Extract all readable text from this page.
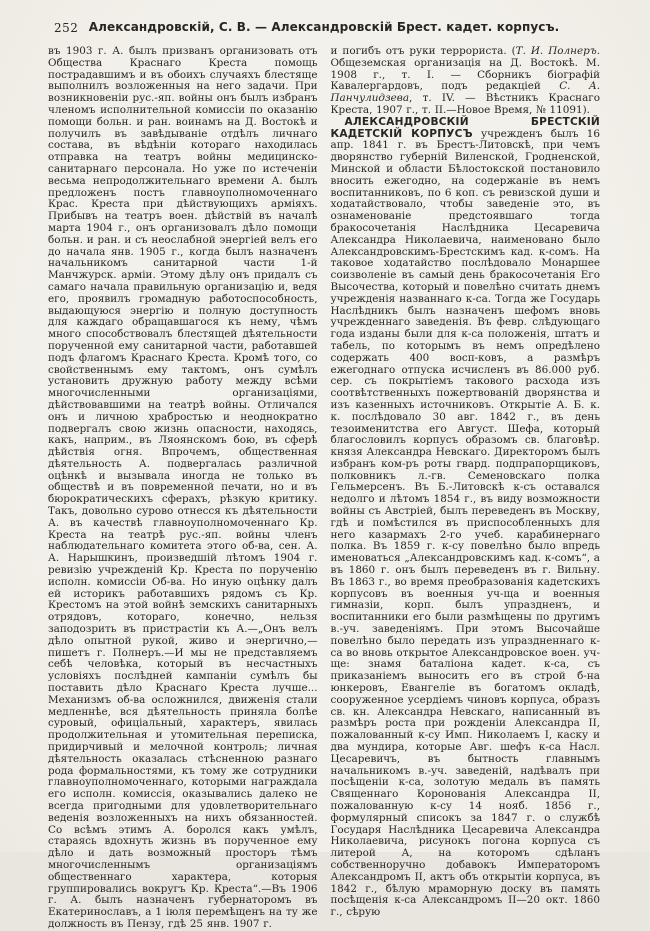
252 Александровскій, С. В. — Александровскій Брест. кадет. корпусъ.

въ 1903 г. А. былъ призванъ организовать отъ Общества Краснаго Креста помощь пострадавшимъ и въ обоихъ случаяхъ блестяще выполнилъ возложенныя на него задачи. При возникновеніи рус.-яп. войны онъ былъ избранъ членомъ исполнительной комиссіи по оказанію помощи больн. и ран. воинамъ на Д. Востокѣ и получилъ въ завѣдываніе отдѣлъ личнаго состава, въ вѣдѣніи котораго находилась отправка на театръ войны медицинско-санитарнаго персонала. Но уже по истеченіи весьма непродолжительнаго времени А. былъ предложенъ постъ главноуполномоченнаго Крас. Креста при дѣйствующихъ арміяхъ. Прибывъ на театръ воен. дѣйствій въ началѣ марта 1904 г., онъ организовалъ дѣло помощи больн. и ран. и съ неослабной энергіей велъ его до начала янв. 1905 г., когда былъ назначенъ начальникомъ санитарной части 1-й Манчжурск. арміи. Этому дѣлу онъ придалъ съ самаго начала правильную организацію и, ведя его, проявилъ громадную работоспособность, выдающуюся энергію и полную доступность для каждаго обращавшагося къ нему, чѣмъ много способствовалъ блестящей дѣятельности порученной ему санитарной части, работавшей подъ флагомъ Краснаго Креста. Кромѣ того, со свойственнымъ ему тактомъ, онъ сумѣлъ установить дружную работу между всѣми многочисленными организаціями, дѣйствовавшими на театрѣ войны. Отличался онъ и личною храбростью и неоднократно подвергалъ свою жизнь опасности, находясь, какъ, наприм., въ Ляоянскомъ бою, въ сферѣ дѣйствія огня. Впрочемъ, общественная дѣятельность А. подвергалась различной оцѣнкѣ и вызывала иногда не только въ обществѣ и въ повременной печати, но и въ бюрократическихъ сферахъ, рѣзкую критику. Такъ, довольно сурово отнесся къ дѣятельности А. въ качествѣ главноуполномоченнаго Кр. Креста на театрѣ рус.-яп. войны членъ наблюдательнаго комитета этого об-ва, сен. А. А. Нарышкинъ, произведшій лѣтомъ 1904 г. ревизію учрежденій Кр. Креста по порученію исполн. комиссіи Об-ва. Но иную оцѣнку далъ ей историкъ работавшихъ рядомъ съ Кр. Крестомъ на этой войнѣ земскихъ санитарныхъ отрядовъ, котораго, конечно, нельзя заподозрить въ пристрастіи къ А.—„Онъ велъ дѣло опытной рукой, живо и энергично,—пишетъ г. Полнеръ.—И мы не представляемъ себѣ человѣка, который въ несчастныхъ условіяхъ послѣдней кампаніи сумѣлъ бы поставить дѣло Краснаго Креста лучше... Механизмъ об-ва осложнился, движенія стали медленнѣе, вся дѣятельность приняла болѣе суровый, офиціальный, характеръ, явилась продолжительная и утомительная переписка, придирчивый и мелочной контроль; личная дѣятельность оказалась стѣсненною разнаго рода формальностями, къ тому же сотрудники главноуполномоченнаго, которыми награждала его исполн. комиссія, оказывались далеко не всегда пригодными для удовлетворительнаго веденія возложенныхъ на нихъ обязанностей. Со всѣмъ этимъ А. боролся какъ умѣлъ, стараясь вдохнуть жизнь въ порученное ему дѣло и дать возможный просторъ тѣмъ многочисленнымъ организаціямъ общественнаго характера, которыя группировались вокругъ Кр. Креста“.—Въ 1906 г. А. былъ назначенъ губернаторомъ въ Екатеринославъ, а 1 іюля перемѣщенъ на ту же должность въ Пензу, гдѣ 25 янв. 1907 г.

и погибъ отъ руки террориста. (Т. И. Полнеръ. Общеземская организація на Д. Востокѣ. М. 1908 г., т. I. — Сборникъ біографій Кавалергардовъ, подъ редакціей С. А. Панчулидзева, т. IV. — Вѣстникъ Краснаго Креста, 1907 г., т. II.—Новое Время, № 11091).

АЛЕКСАНДРОВСКІЙ БРЕСТСКІЙ КАДЕТСКІЙ КОРПУСЪ учрежденъ былъ 16 апр. 1841 г. въ Брестъ-Литовскѣ, при чемъ дворянство губерній Виленской, Гродненской, Минской и области Бѣлостокской постановило вносить ежегодно, на содержаніе въ немъ воспитанниковъ, по 6 коп. съ ревизской души и ходатайствовало, чтобы заведеніе это, въ ознаменованіе предстоявшаго тогда бракосочетанія Наслѣдника Цесаревича Александра Николаевича, наименовано было Александровскимъ-Брестскимъ кад. к-сомъ. На таковое ходатайство послѣдовало Монаршее соизволеніе въ самый день бракосочетанія Его Высочества, который и повелѣно считать днемъ учрежденія названнаго к-са. Тогда же Государь Наслѣдникъ былъ назначенъ шефомъ вновь учрежденнаго заведенія. Въ февр. слѣдующаго года изданы были для к-са положенія, штатъ и табель, по которымъ въ немъ опредѣлено содержать 400 восп-ковъ, а размѣръ ежегоднаго отпуска исчисленъ въ 86.000 руб. сер. съ покрытіемъ такового расхода изъ соотвѣтственныхъ пожертвованій дворянства и изъ казенныхъ источниковъ. Открытіе А. Б. к. к. послѣдовало 30 авг. 1842 г., въ день тезоименитства его Август. Шефа, который благословилъ корпусъ образомъ св. благовѣр. князя Александра Невскаго. Директоромъ былъ избранъ ком-ръ роты гвард. подпрапорщиковъ, полковникъ л.-гв. Семеновскаго полка Гельмерсенъ. Въ Б.-Литовскѣ к-съ оставался недолго и лѣтомъ 1854 г., въ виду возможности войны съ Австріей, былъ переведенъ въ Москву, гдѣ и помѣстился въ приспособленныхъ для него казармахъ 2-го учеб. карабинернаго полка. Въ 1859 г. к-су повелѣно было впредь именоваться „Александровскимъ кад. к-сомъ“, а въ 1860 г. онъ былъ переведенъ въ г. Вильну. Въ 1863 г., во время преобразованія кадетскихъ корпусовъ въ военныя уч-ща и военныя гимназіи, корп. былъ упраздненъ, и воспитанники его были размѣщены по другимъ в.-уч. заведеніямъ. При этомъ Высочайше повелѣно было передать изъ упраздненнаго к-са во вновь открытое Александровское воен. уч-ще: знамя баталіона кадет. к-са, съ приказаніемъ выносить его въ строй б-на юнкеровъ, Евангеліе въ богатомъ окладѣ, сооруженное усердіемъ чиновъ корпуса, образъ св. кн. Александра Невскаго, написанный въ размѣръ роста при рожденіи Александра II, пожалованный к-су Имп. Николаемъ I, каску и два мундира, которые Авг. шефъ к-са Насл. Цесаревичъ, въ бытность главнымъ начальникомъ в.-уч. заведеній, надѣвалъ при посѣщеніи к-са, золотую медаль въ память Священнаго Коронованія Александра II, пожалованную к-су 14 нояб. 1856 г., формулярный списокъ за 1847 г. о службѣ Государя Наслѣдника Цесаревича Александра Николаевича, рисунокъ погона корпуса съ литерой А, на которомъ сдѣланъ собственноручно добавокъ Императоромъ Александромъ II, актъ объ открытіи корпуса, въ 1842 г., бѣлую мраморную доску въ память посѣщенія к-са Александромъ II—20 окт. 1860 г., сѣрую
